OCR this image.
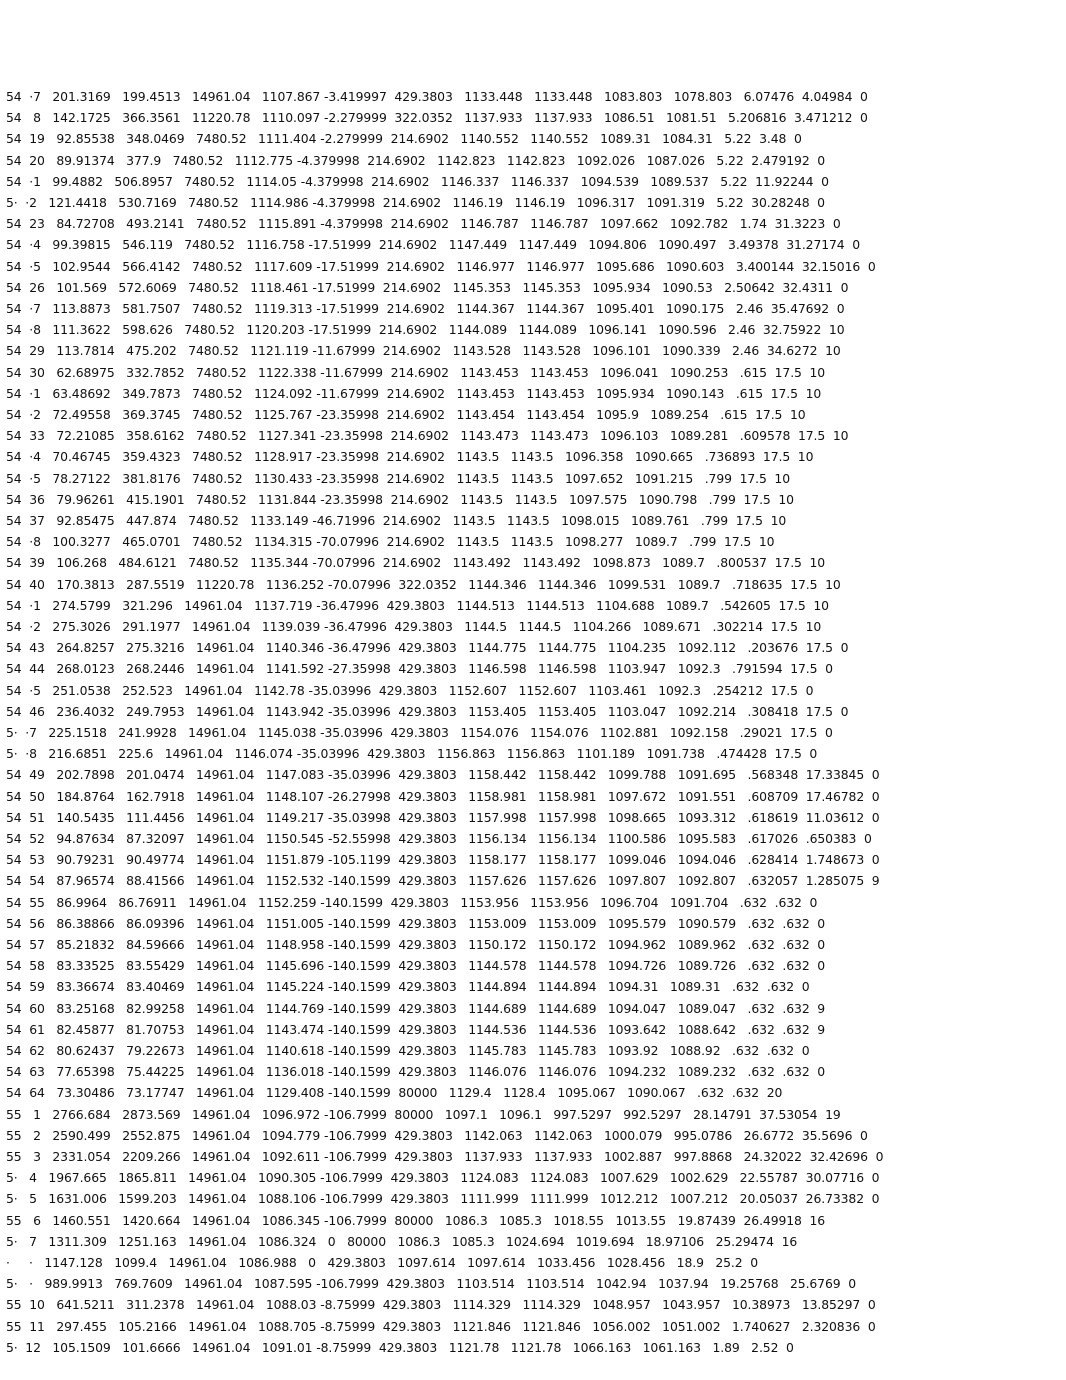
54  ·7   201.3169   199.4513   14961.04   1107.867 -3.419997  429.3803   1133.448   1133.448   1083.803   1078.803   6.07476  4.04984  0
54   8   142.1725   366.3561   11220.78   1110.097 -2.279999  322.0352   1137.933   1137.933   1086.51   1081.51   5.206816  3.471212  0
54  19   92.85538   348.0469   7480.52   1111.404 -2.279999  214.6902   1140.552   1140.552   1089.31   1084.31   5.22  3.48  0
54  20   89.91374   377.9   7480.52   1112.775 -4.379998  214.6902   1142.823   1142.823   1092.026   1087.026   5.22  2.479192  0
54  ·1   99.4882   506.8957   7480.52   1114.05 -4.379998  214.6902   1146.337   1146.337   1094.539   1089.537   5.22  11.92244  0
5·  ·2   121.4418   530.7169   7480.52   1114.986 -4.379998  214.6902   1146.19   1146.19   1096.317   1091.319   5.22  30.28248  0
54  23   84.72708   493.2141   7480.52   1115.891 -4.379998  214.6902   1146.787   1146.787   1097.662   1092.782   1.74  31.3223  0
54  ·4   99.39815   546.119   7480.52   1116.758 -17.51999  214.6902   1147.449   1147.449   1094.806   1090.497   3.49378  31.27174  0
54  ·5   102.9544   566.4142   7480.52   1117.609 -17.51999  214.6902   1146.977   1146.977   1095.686   1090.603   3.400144  32.15016  0
54  26   101.569   572.6069   7480.52   1118.461 -17.51999  214.6902   1145.353   1145.353   1095.934   1090.53   2.50642  32.4311  0
54  ·7   113.8873   581.7507   7480.52   1119.313 -17.51999  214.6902   1144.367   1144.367   1095.401   1090.175   2.46  35.47692  0
54  ·8   111.3622   598.626   7480.52   1120.203 -17.51999  214.6902   1144.089   1144.089   1096.141   1090.596   2.46  32.75922  10
54  29   113.7814   475.202   7480.52   1121.119 -11.67999  214.6902   1143.528   1143.528   1096.101   1090.339   2.46  34.6272  10
54  30   62.68975   332.7852   7480.52   1122.338 -11.67999  214.6902   1143.453   1143.453   1096.041   1090.253   .615  17.5  10
54  ·1   63.48692   349.7873   7480.52   1124.092 -11.67999  214.6902   1143.453   1143.453   1095.934   1090.143   .615  17.5  10
54  ·2   72.49558   369.3745   7480.52   1125.767 -23.35998  214.6902   1143.454   1143.454   1095.9   1089.254   .615  17.5  10
54  33   72.21085   358.6162   7480.52   1127.341 -23.35998  214.6902   1143.473   1143.473   1096.103   1089.281   .609578  17.5  10
54  ·4   70.46745   359.4323   7480.52   1128.917 -23.35998  214.6902   1143.5   1143.5   1096.358   1090.665   .736893  17.5  10
54  ·5   78.27122   381.8176   7480.52   1130.433 -23.35998  214.6902   1143.5   1143.5   1097.652   1091.215   .799  17.5  10
54  36   79.96261   415.1901   7480.52   1131.844 -23.35998  214.6902   1143.5   1143.5   1097.575   1090.798   .799  17.5  10
54  37   92.85475   447.874   7480.52   1133.149 -46.71996  214.6902   1143.5   1143.5   1098.015   1089.761   .799  17.5  10
54  ·8   100.3277   465.0701   7480.52   1134.315 -70.07996  214.6902   1143.5   1143.5   1098.277   1089.7   .799  17.5  10
54  39   106.268   484.6121   7480.52   1135.344 -70.07996  214.6902   1143.492   1143.492   1098.873   1089.7   .800537  17.5  10
54  40   170.3813   287.5519   11220.78   1136.252 -70.07996  322.0352   1144.346   1144.346   1099.531   1089.7   .718635  17.5  10
54  ·1   274.5799   321.296   14961.04   1137.719 -36.47996  429.3803   1144.513   1144.513   1104.688   1089.7   .542605  17.5  10
54  ·2   275.3026   291.1977   14961.04   1139.039 -36.47996  429.3803   1144.5   1144.5   1104.266   1089.671   .302214  17.5  10
54  43   264.8257   275.3216   14961.04   1140.346 -36.47996  429.3803   1144.775   1144.775   1104.235   1092.112   .203676  17.5  0
54  44   268.0123   268.2446   14961.04   1141.592 -27.35998  429.3803   1146.598   1146.598   1103.947   1092.3   .791594  17.5  0
54  ·5   251.0538   252.523   14961.04   1142.78 -35.03996  429.3803   1152.607   1152.607   1103.461   1092.3   .254212  17.5  0
54  46   236.4032   249.7953   14961.04   1143.942 -35.03996  429.3803   1153.405   1153.405   1103.047   1092.214   .308418  17.5  0
5·  ·7   225.1518   241.9928   14961.04   1145.038 -35.03996  429.3803   1154.076   1154.076   1102.881   1092.158   .29021  17.5  0
5·  ·8   216.6851   225.6   14961.04   1146.074 -35.03996  429.3803   1156.863   1156.863   1101.189   1091.738   .474428  17.5  0
54  49   202.7898   201.0474   14961.04   1147.083 -35.03996  429.3803   1158.442   1158.442   1099.788   1091.695   .568348  17.33845  0
54  50   184.8764   162.7918   14961.04   1148.107 -26.27998  429.3803   1158.981   1158.981   1097.672   1091.551   .608709  17.46782  0
54  51   140.5435   111.4456   14961.04   1149.217 -35.03998  429.3803   1157.998   1157.998   1098.665   1093.312   .618619  11.03612  0
54  52   94.87634   87.32097   14961.04   1150.545 -52.55998  429.3803   1156.134   1156.134   1100.586   1095.583   .617026  .650383  0
54  53   90.79231   90.49774   14961.04   1151.879 -105.1199  429.3803   1158.177   1158.177   1099.046   1094.046   .628414  1.748673  0
54  54   87.96574   88.41566   14961.04   1152.532 -140.1599  429.3803   1157.626   1157.626   1097.807   1092.807   .632057  1.285075  9
54  55   86.9964   86.76911   14961.04   1152.259 -140.1599  429.3803   1153.956   1153.956   1096.704   1091.704   .632  .632  0
54  56   86.38866   86.09396   14961.04   1151.005 -140.1599  429.3803   1153.009   1153.009   1095.579   1090.579   .632  .632  0
54  57   85.21832   84.59666   14961.04   1148.958 -140.1599  429.3803   1150.172   1150.172   1094.962   1089.962   .632  .632  0
54  58   83.33525   83.55429   14961.04   1145.696 -140.1599  429.3803   1144.578   1144.578   1094.726   1089.726   .632  .632  0
54  59   83.36674   83.40469   14961.04   1145.224 -140.1599  429.3803   1144.894   1144.894   1094.31   1089.31   .632  .632  0
54  60   83.25168   82.99258   14961.04   1144.769 -140.1599  429.3803   1144.689   1144.689   1094.047   1089.047   .632  .632  9
54  61   82.45877   81.70753   14961.04   1143.474 -140.1599  429.3803   1144.536   1144.536   1093.642   1088.642   .632  .632  9
54  62   80.62437   79.22673   14961.04   1140.618 -140.1599  429.3803   1145.783   1145.783   1093.92   1088.92   .632  .632  0
54  63   77.65398   75.44225   14961.04   1136.018 -140.1599  429.3803   1146.076   1146.076   1094.232   1089.232   .632  .632  0
54  64   73.30486   73.17747   14961.04   1129.408 -140.1599  80000   1129.4   1128.4   1095.067   1090.067   .632  .632  20
55   1   2766.684   2873.569   14961.04   1096.972 -106.7999  80000   1097.1   1096.1   997.5297   992.5297   28.14791  37.53054  19
55   2   2590.499   2552.875   14961.04   1094.779 -106.7999  429.3803   1142.063   1142.063   1000.079   995.0786   26.6772  35.5696  0
55   3   2331.054   2209.266   14961.04   1092.611 -106.7999  429.3803   1137.933   1137.933   1002.887   997.8868   24.32022  32.42696  0
5·   4   1967.665   1865.811   14961.04   1090.305 -106.7999  429.3803   1124.083   1124.083   1007.629   1002.629   22.55787  30.07716  0
5·   5   1631.006   1599.203   14961.04   1088.106 -106.7999  429.3803   1111.999   1111.999   1012.212   1007.212   20.05037  26.73382  0
55   6   1460.551   1420.664   14961.04   1086.345 -106.7999  80000   1086.3   1085.3   1018.55   1013.55   19.87439  26.49918  16
5·   7   1311.309   1251.163   14961.04   1086.324   0   80000   1086.3   1085.3   1024.694   1019.694   18.97106   25.29474  16
·     ·   1147.128   1099.4   14961.04   1086.988   0   429.3803   1097.614   1097.614   1033.456   1028.456   18.9   25.2  0
5·   ·   989.9913   769.7609   14961.04   1087.595 -106.7999  429.3803   1103.514   1103.514   1042.94   1037.94   19.25768   25.6769  0
55  10   641.5211   311.2378   14961.04   1088.03 -8.75999  429.3803   1114.329   1114.329   1048.957   1043.957   10.38973   13.85297  0
55  11   297.455   105.2166   14961.04   1088.705 -8.75999  429.3803   1121.846   1121.846   1056.002   1051.002   1.740627   2.320836  0
5·  12   105.1509   101.6666   14961.04   1091.01 -8.75999  429.3803   1121.78   1121.78   1066.163   1061.163   1.89   2.52  0
